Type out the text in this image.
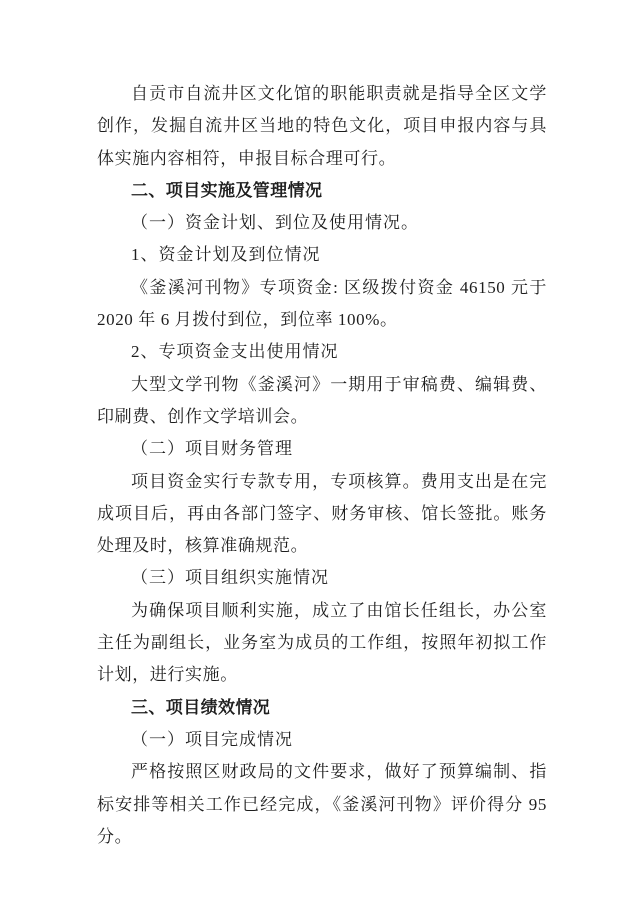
自贡市自流井区文化馆的职能职责就是指导全区文学创作，发掘自流井区当地的特色文化，项目申报内容与具体实施内容相符，申报目标合理可行。

二、项目实施及管理情况

（一）资金计划、到位及使用情况。

1、资金计划及到位情况

《釜溪河刊物》专项资金: 区级拨付资金 46150 元于 2020 年 6 月拨付到位，到位率 100%。

2、专项资金支出使用情况

大型文学刊物《釜溪河》一期用于审稿费、编辑费、印刷费、创作文学培训会。

（二）项目财务管理

项目资金实行专款专用，专项核算。费用支出是在完成项目后，再由各部门签字、财务审核、馆长签批。账务处理及时，核算准确规范。

（三）项目组织实施情况

为确保项目顺利实施，成立了由馆长任组长，办公室主任为副组长，业务室为成员的工作组，按照年初拟工作计划，进行实施。

三、项目绩效情况

（一）项目完成情况

严格按照区财政局的文件要求，做好了预算编制、指标安排等相关工作已经完成，《釜溪河刊物》评价得分 95 分。
